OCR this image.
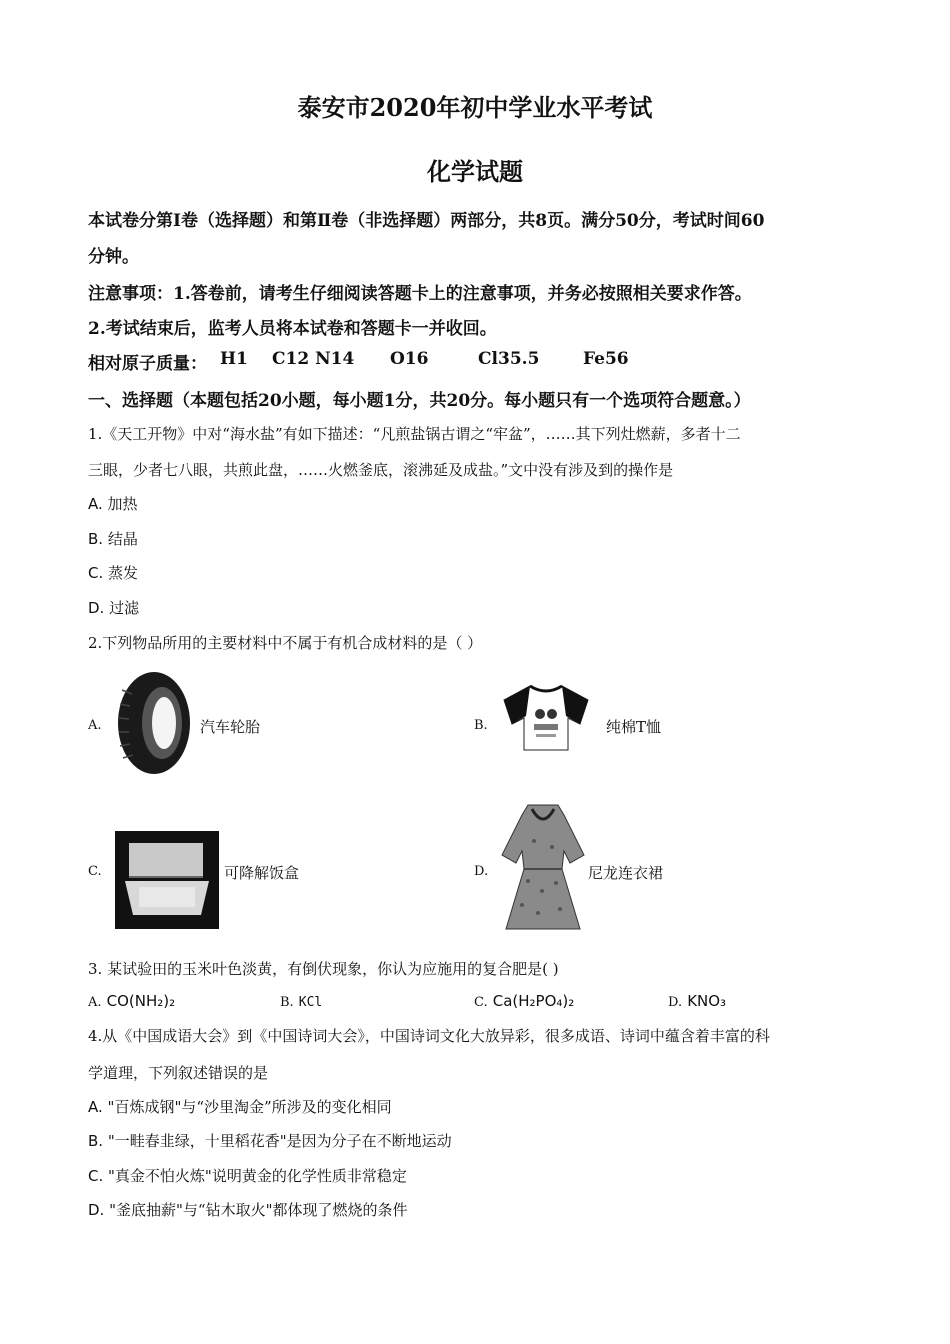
泰安市2020年初中学业水平考试
化学试题
本试卷分第Ⅰ卷（选择题）和第Ⅱ卷（非选择题）两部分，共8页。满分50分，考试时间60
分钟。
注意事项：1.答卷前，请考生仔细阅读答题卡上的注意事项，并务必按照相关要求作答。
2.考试结束后，监考人员将本试卷和答题卡一并收回。
相对原子质量： H1 C12 N14 O16	Cl35.5	Fe56
一、选择题（本题包括20小题，每小题1分，共20分。每小题只有一个选项符合题意。）
1.《天工开物》中对“海水盐”有如下描述：“凡煎盐锅古谓之“牢盆”，……其下列灶燃薪，多者十二
三眼，少者七八眼，共煎此盘，……火燃釜底，滚沸延及成盐。”文中没有涉及到的操作是
A. 加热
B. 结晶
C. 蒸发
D. 过滤
2.下列物品所用的主要材料中不属于有机合成材料的是（ ）
A.	汽车轮胎	B.	纯棉T恤
C.	可降解饭盒	D.	尼龙连衣裙
3. 某试验田的玉米叶色淡黄，有倒伏现象，你认为应施用的复合肥是( )
A. CO(NH₂)₂	B. KCl	C. Ca(H₂PO₄)₂	D. KNO₃
4.从《中国成语大会》到《中国诗词大会》，中国诗词文化大放异彩，很多成语、诗词中蕴含着丰富的科
学道理，下列叙述错误的是
A. "百炼成钢"与“沙里淘金”所涉及的变化相同
B. "一畦春韭绿，十里稻花香"是因为分子在不断地运动
C. "真金不怕火炼"说明黄金的化学性质非常稳定
D. "釜底抽薪"与“钻木取火"都体现了燃烧的条件
